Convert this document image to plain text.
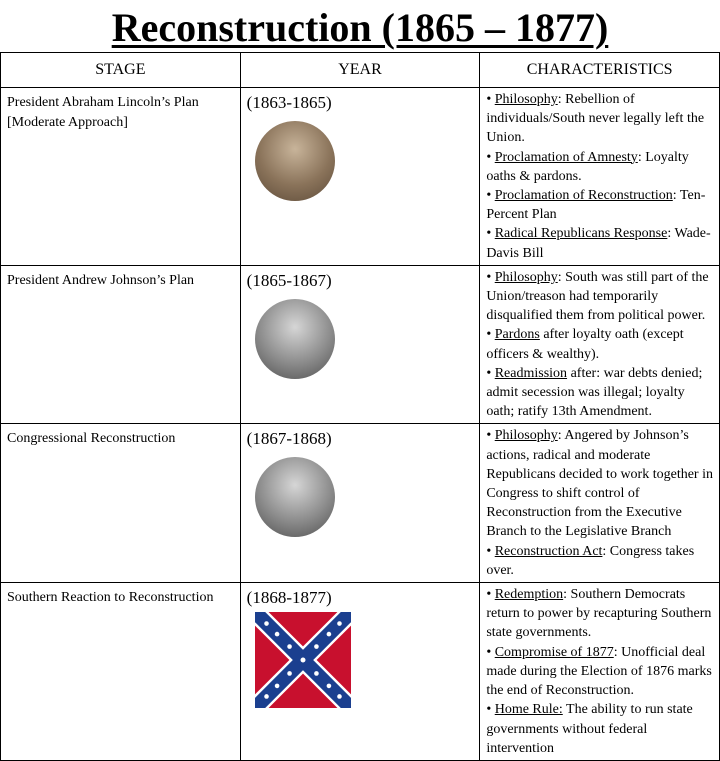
Reconstruction (1865 – 1877)
STAGE	YEAR	CHARACTERISTICS
President Abraham Lincoln’s Plan [Moderate Approach]	(1863-1865)	• Philosophy: Rebellion of individuals/South never legally left the Union.
• Proclamation of Amnesty: Loyalty oaths & pardons.
• Proclamation of Reconstruction: Ten-Percent Plan
• Radical Republicans Response: Wade-Davis Bill

President Andrew Johnson’s Plan	(1865-1867)	• Philosophy: South was still part of the Union/treason had temporarily disqualified them from political power.
• Pardons after loyalty oath (except officers & wealthy).
• Readmission after: war debts denied; admit secession was illegal; loyalty oath; ratify 13th Amendment.

Congressional Reconstruction	(1867-1868)	• Philosophy: Angered by Johnson’s actions, radical and moderate Republicans decided to work together in Congress to shift control of Reconstruction from the Executive Branch to the Legislative Branch
• Reconstruction Act: Congress takes over.

Southern Reaction to Reconstruction	(1868-1877)	• Redemption: Southern Democrats return to power by recapturing Southern state governments.
• Compromise of 1877: Unofficial deal made during the Election of 1876 marks the end of Reconstruction.
• Home Rule: The ability to run state governments without federal intervention
